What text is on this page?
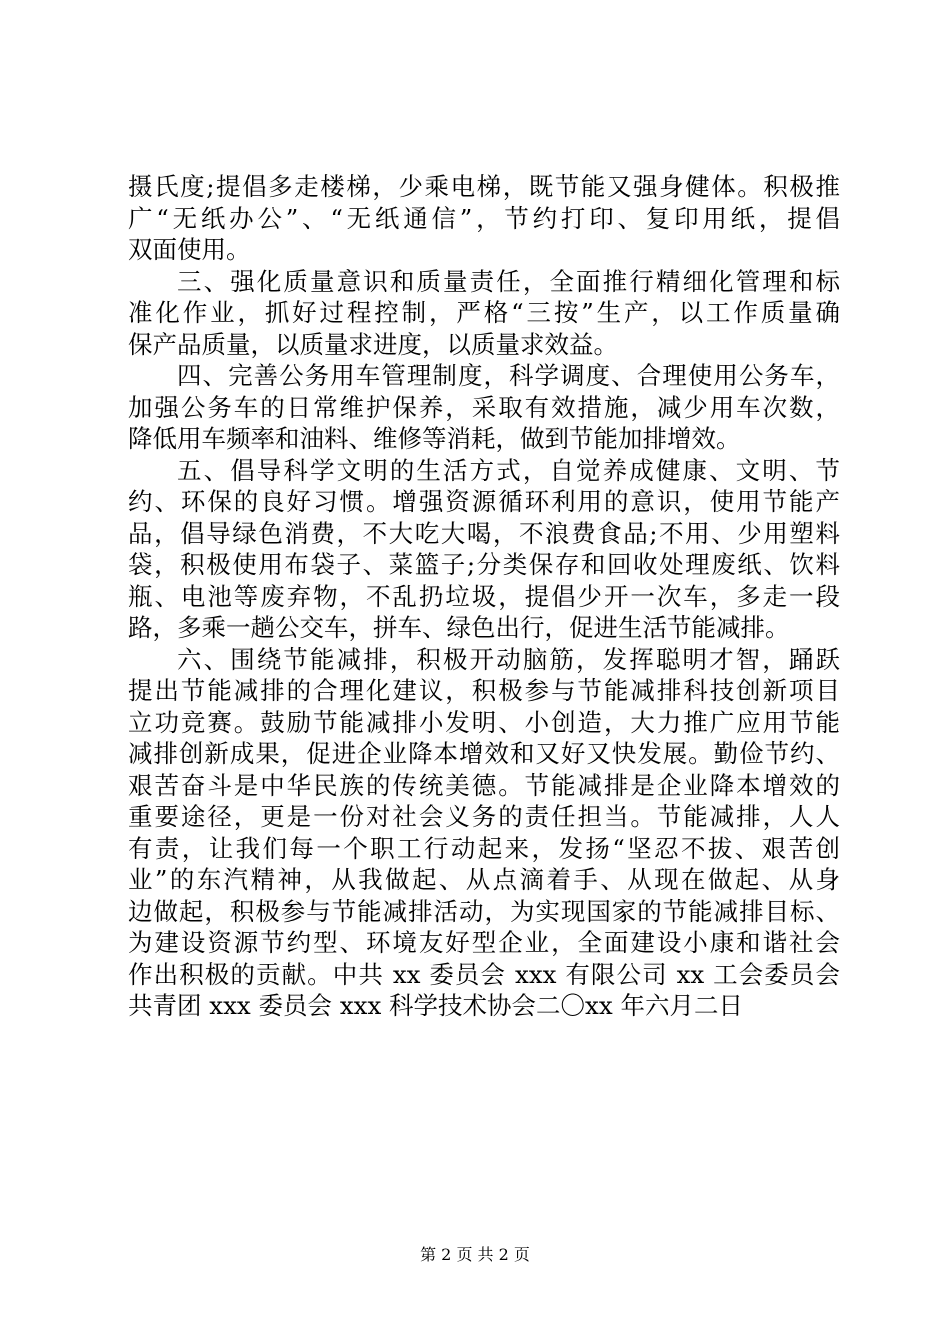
摄氏度;提倡多走楼梯，少乘电梯，既节能又强身健体。积极推
广“无纸办公”、“无纸通信”，节约打印、复印用纸，提倡
双面使用。
三、强化质量意识和质量责任，全面推行精细化管理和标
准化作业，抓好过程控制，严格“三按”生产，以工作质量确
保产品质量，以质量求进度，以质量求效益。
四、完善公务用车管理制度，科学调度、合理使用公务车，
加强公务车的日常维护保养，采取有效措施，减少用车次数，
降低用车频率和油料、维修等消耗，做到节能加排增效。
五、倡导科学文明的生活方式，自觉养成健康、文明、节
约、环保的良好习惯。增强资源循环利用的意识，使用节能产
品，倡导绿色消费，不大吃大喝，不浪费食品;不用、少用塑料
袋，积极使用布袋子、菜篮子;分类保存和回收处理废纸、饮料
瓶、电池等废弃物，不乱扔垃圾，提倡少开一次车，多走一段
路，多乘一趟公交车，拼车、绿色出行，促进生活节能减排。
六、围绕节能减排，积极开动脑筋，发挥聪明才智，踊跃
提出节能减排的合理化建议，积极参与节能减排科技创新项目
立功竞赛。鼓励节能减排小发明、小创造，大力推广应用节能
减排创新成果，促进企业降本增效和又好又快发展。勤俭节约、
艰苦奋斗是中华民族的传统美德。节能减排是企业降本增效的
重要途径，更是一份对社会义务的责任担当。节能减排，人人
有责，让我们每一个职工行动起来，发扬“坚忍不拔、艰苦创
业”的东汽精神，从我做起、从点滴着手、从现在做起、从身
边做起，积极参与节能减排活动，为实现国家的节能减排目标、
为建设资源节约型、环境友好型企业，全面建设小康和谐社会
作出积极的贡献。中共 xx 委员会 xxx 有限公司 xx 工会委员会
共青团 xxx 委员会 xxx 科学技术协会二〇xx 年六月二日
第 2 页 共 2 页
